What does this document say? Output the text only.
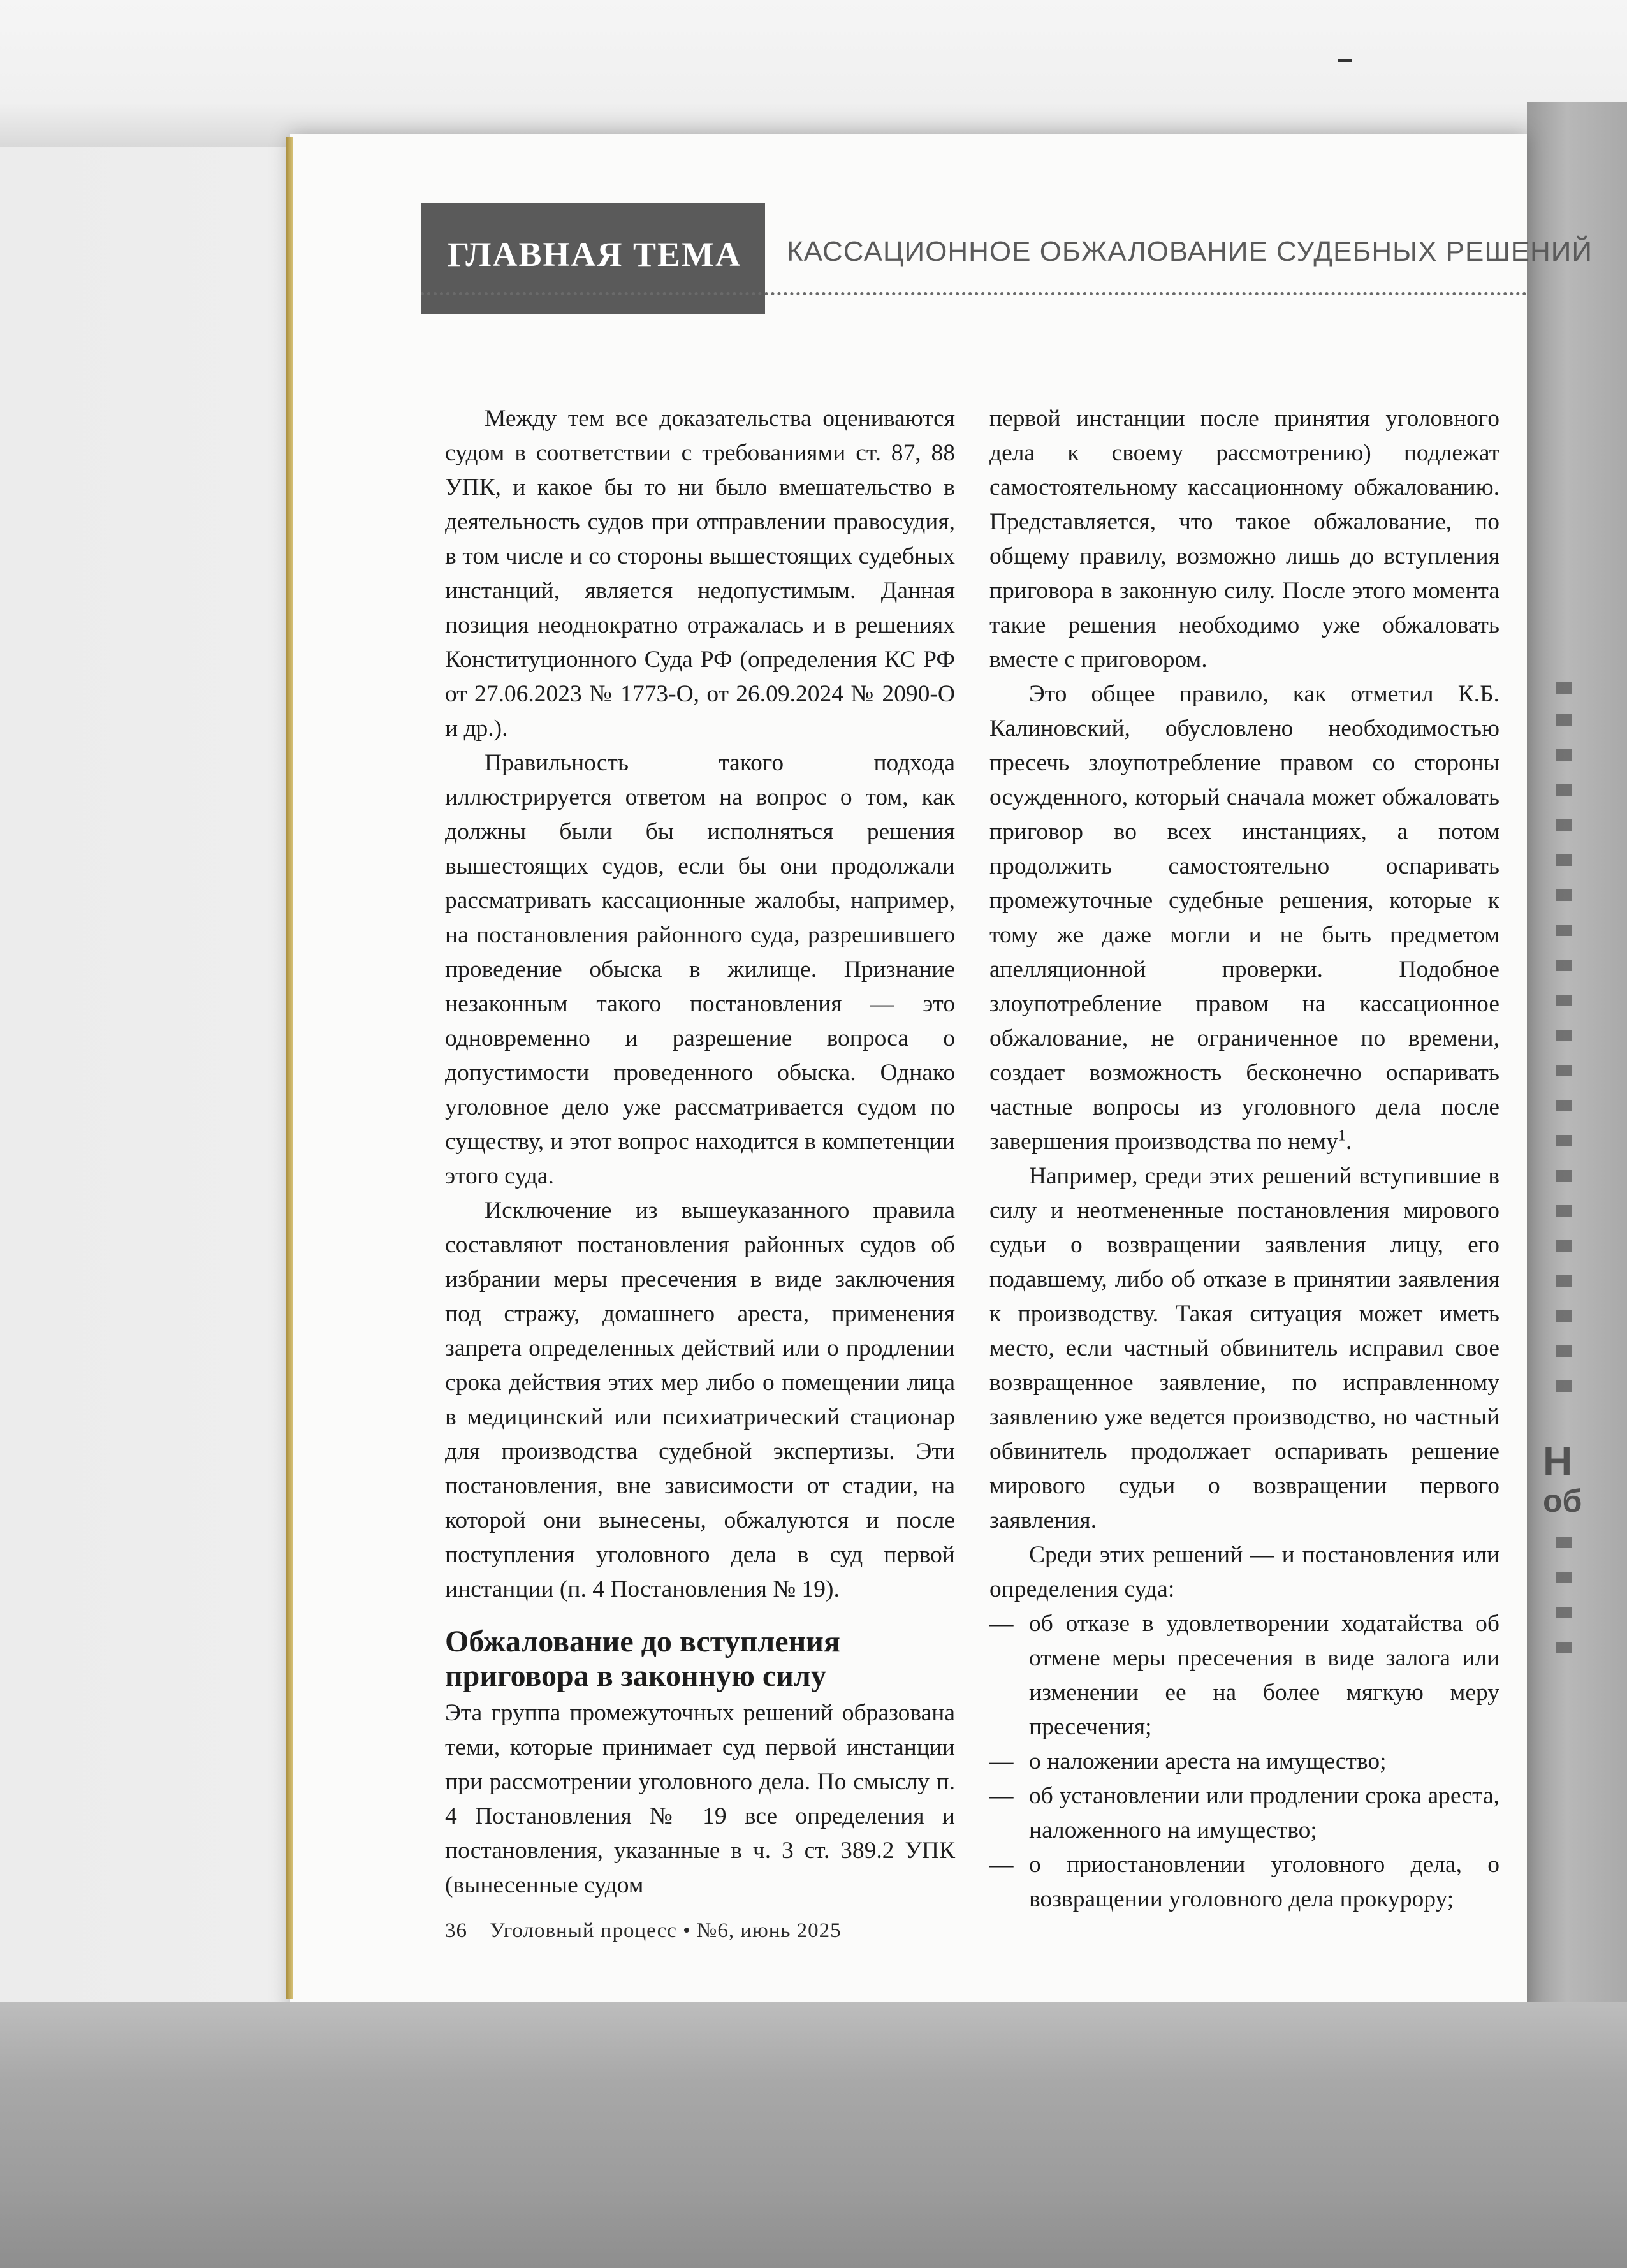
Н
об
ГЛАВНАЯ ТЕМА КАССАЦИОННОЕ ОБЖАЛОВАНИЕ СУДЕБНЫХ РЕШЕНИЙ

Между тем все доказательства оцениваются судом в соответствии с требованиями ст. 87, 88 УПК, и какое бы то ни было вмешательство в деятельность судов при отправлении правосудия, в том числе и со стороны вышестоящих судебных инстанций, является недопустимым. Данная позиция неоднократно отражалась и в решениях Конституционного Суда РФ (определения КС РФ от 27.06.2023 № 1773-О, от 26.09.2024 № 2090-О и др.).

Правильность такого подхода иллюстрируется ответом на вопрос о том, как должны были бы исполняться решения вышестоящих судов, если бы они продолжали рассматривать кассационные жалобы, например, на постановления районного суда, разрешившего проведение обыска в жилище. Признание незаконным такого постановления — это одновременно и разрешение вопроса о допустимости проведенного обыска. Однако уголовное дело уже рассматривается судом по существу, и этот вопрос находится в компетенции этого суда.

Исключение из вышеуказанного правила составляют постановления районных судов об избрании меры пресечения в виде заключения под стражу, домашнего ареста, применения запрета определенных действий или о продлении срока действия этих мер либо о помещении лица в медицинский или психиатрический стационар для производства судебной экспертизы. Эти постановления, вне зависимости от стадии, на которой они вынесены, обжалуются и после поступления уголовного дела в суд первой инстанции (п. 4 Постановления № 19).

Обжалование до вступления приговора в законную силу

Эта группа промежуточных решений образована теми, которые принимает суд первой инстанции при рассмотрении уголовного дела. По смыслу п. 4 Постановления № 19 все определения и постановления, указанные в ч. 3 ст. 389.2 УПК (вынесенные судом

первой инстанции после принятия уголовного дела к своему рассмотрению) подлежат самостоятельному кассационному обжалованию. Представляется, что такое обжалование, по общему правилу, возможно лишь до вступления приговора в законную силу. После этого момента такие решения необходимо уже обжаловать вместе с приговором.

Это общее правило, как отметил К.Б. Калиновский, обусловлено необходимостью пресечь злоупотребление правом со стороны осужденного, который сначала может обжаловать приговор во всех инстанциях, а потом продолжить самостоятельно оспаривать промежуточные судебные решения, которые к тому же даже могли и не быть предметом апелляционной проверки. Подобное злоупотребление правом на кассационное обжалование, не ограниченное по времени, создает возможность бесконечно оспаривать частные вопросы из уголовного дела после завершения производства по нему$^1$.

Например, среди этих решений вступившие в силу и неотмененные постановления мирового судьи о возвращении заявления лицу, его подавшему, либо об отказе в принятии заявления к производству. Такая ситуация может иметь место, если частный обвинитель исправил свое возвращенное заявление, по исправленному заявлению уже ведется производство, но частный обвинитель продолжает оспаривать решение мирового судьи о возвращении первого заявления.

Среди этих решений — и постановления или определения суда:

— об отказе в удовлетворении ходатайства об отмене меры пресечения в виде залога или изменении ее на более мягкую меру пресечения;
— о наложении ареста на имущество;
— об установлении или продлении срока ареста, наложенного на имущество;
— о приостановлении уголовного дела, о возвращении уголовного дела прокурору;
36 Уголовный процесс • №6, июнь 2025
